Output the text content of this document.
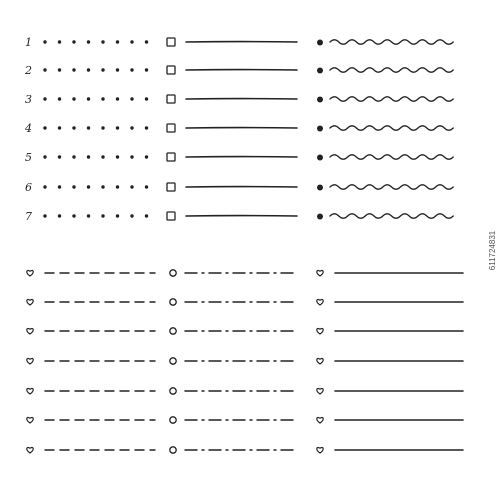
1
2
3
4
5
6
7
611724831
